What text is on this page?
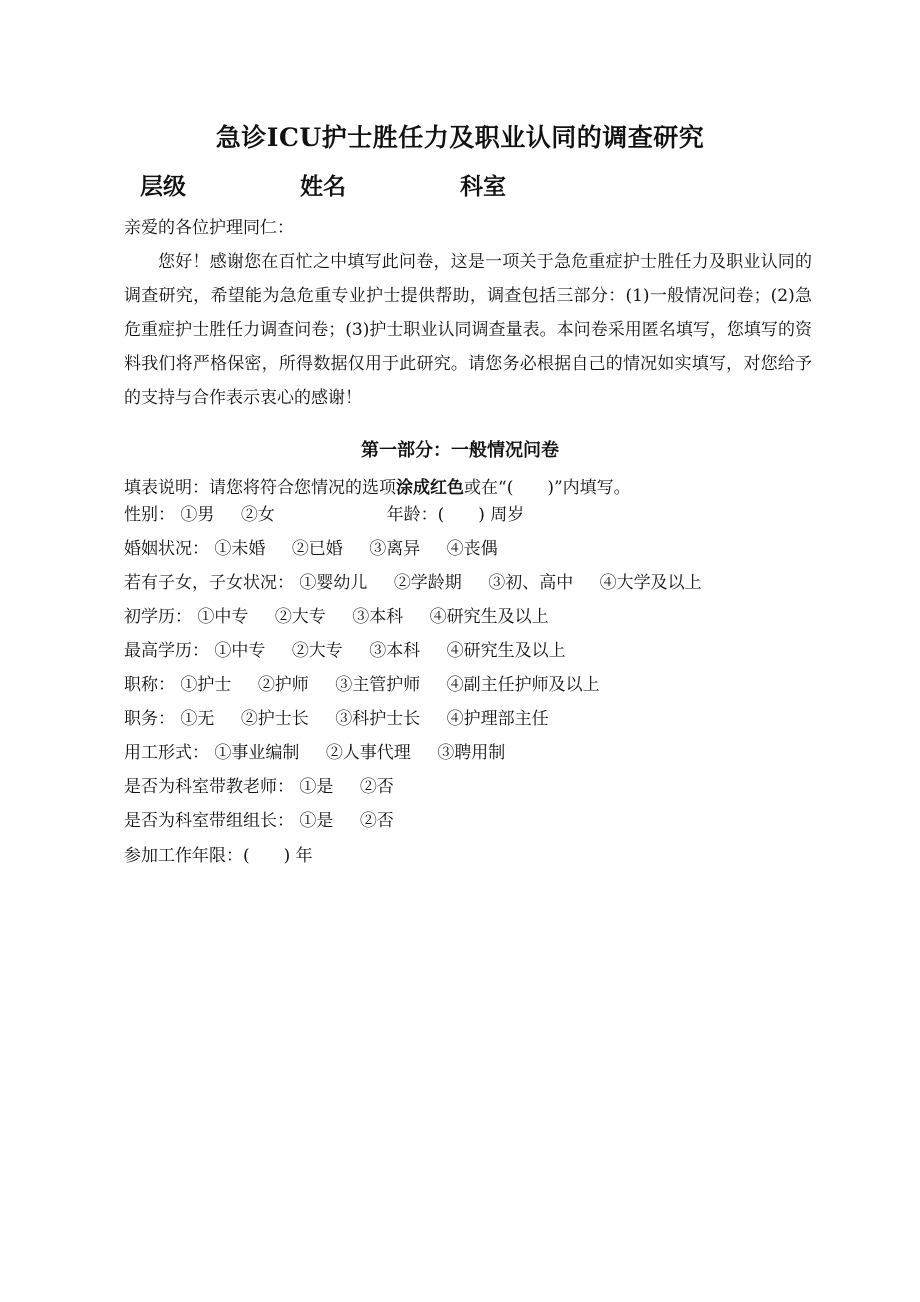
急诊ICU护士胜任力及职业认同的调查研究
层级	姓名	科室
亲爱的各位护理同仁：

您好！感谢您在百忙之中填写此问卷，这是一项关于急危重症护士胜任力及职业认同的调查研究，希望能为急危重专业护士提供帮助，调查包括三部分：(1)一般情况问卷；(2)急危重症护士胜任力调查问卷；(3)护士职业认同调查量表。本问卷采用匿名填写，您填写的资料我们将严格保密，所得数据仅用于此研究。请您务必根据自己的情况如实填写，对您给予的支持与合作表示衷心的感谢！

第一部分：一般情况问卷
填表说明：请您将符合您情况的选项涂成红色或在“(　　)”内填写。
性别： ①男 ②女	年龄：(　　) 周岁
婚姻状况： ①未婚 ②已婚 ③离异 ④丧偶
若有子女，子女状况： ①婴幼儿 ②学龄期 ③初、高中 ④大学及以上
初学历： ①中专 ②大专 ③本科 ④研究生及以上
最高学历： ①中专 ②大专 ③本科 ④研究生及以上
职称： ①护士 ②护师 ③主管护师 ④副主任护师及以上
职务： ①无 ②护士长 ③科护士长 ④护理部主任
用工形式： ①事业编制 ②人事代理 ③聘用制
是否为科室带教老师： ①是 ②否
是否为科室带组组长： ①是 ②否
参加工作年限：(　　) 年
